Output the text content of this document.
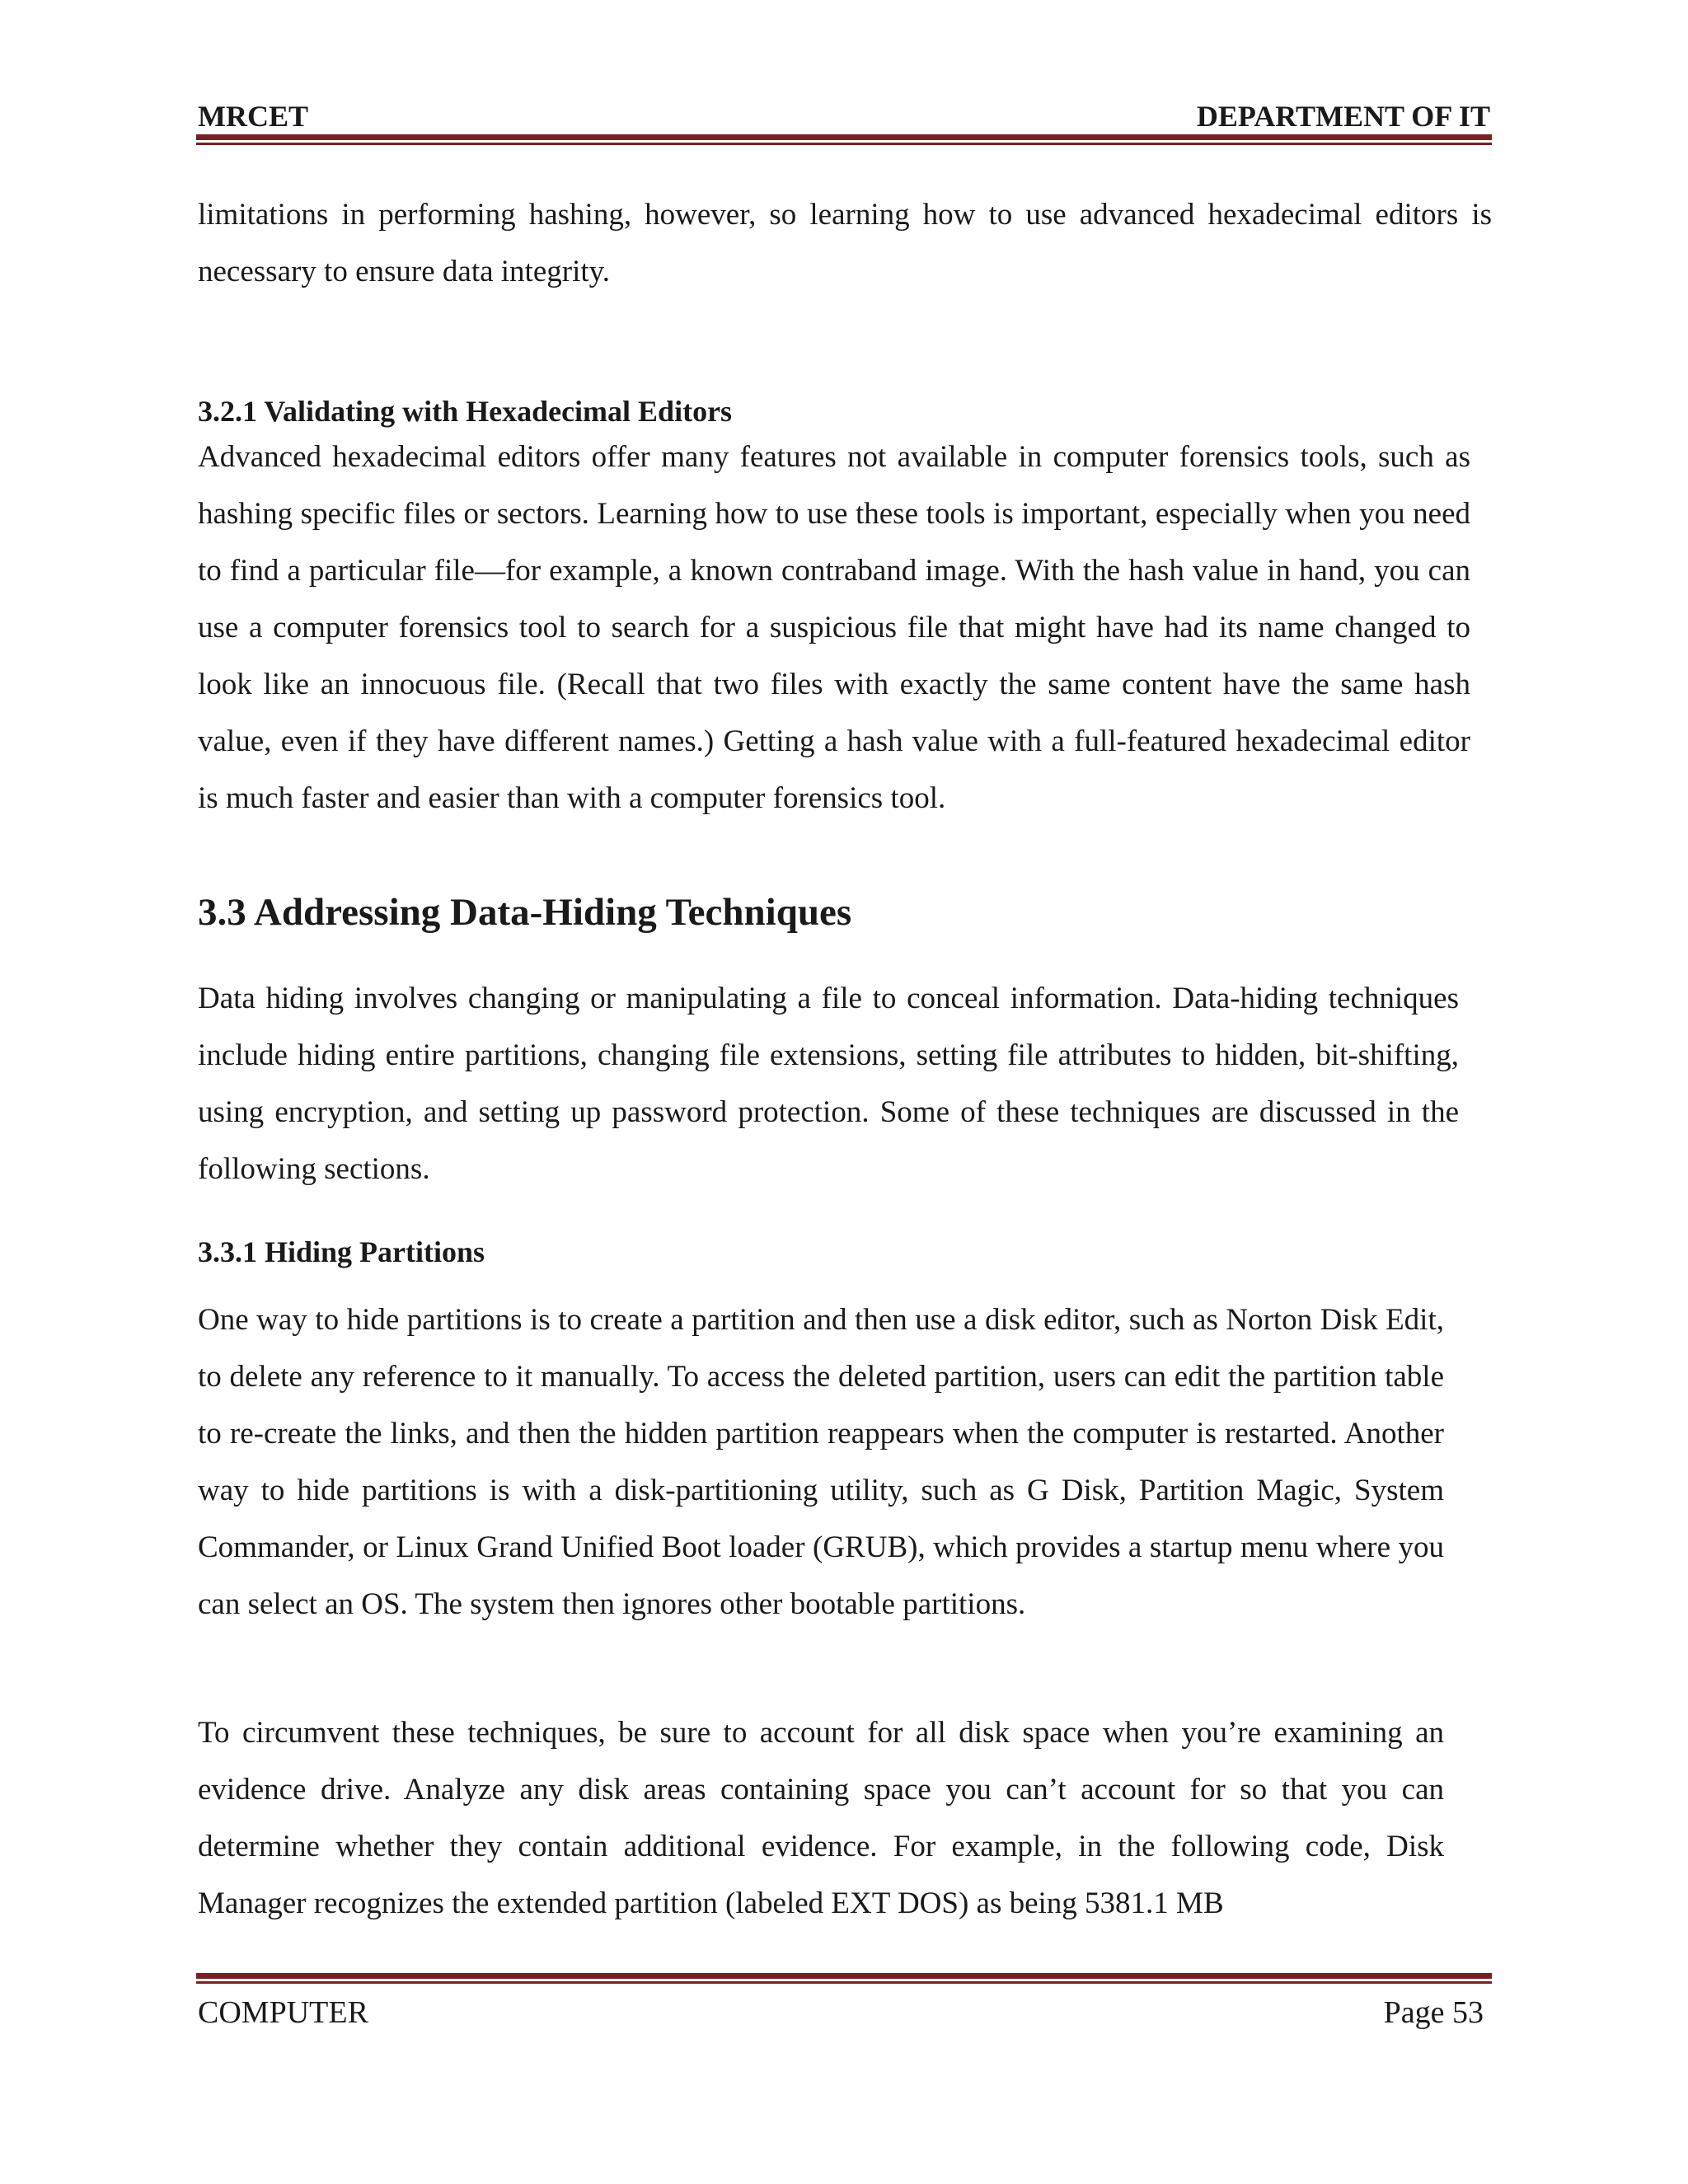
MRCET	DEPARTMENT OF IT
limitations in performing hashing, however, so learning how to use advanced hexadecimal editors is necessary to ensure data integrity.
3.2.1 Validating with Hexadecimal Editors
Advanced hexadecimal editors offer many features not available in computer forensics tools, such as hashing specific files or sectors. Learning how to use these tools is important, especially when you need to find a particular file—for example, a known contraband image. With the hash value in hand, you can use a computer forensics tool to search for a suspicious file that might have had its name changed to look like an innocuous file. (Recall that two files with exactly the same content have the same hash value, even if they have different names.) Getting a hash value with a full-featured hexadecimal editor is much faster and easier than with a computer forensics tool.
3.3 Addressing Data-Hiding Techniques
Data hiding involves changing or manipulating a file to conceal information. Data-hiding techniques include hiding entire partitions, changing file extensions, setting file attributes to hidden, bit-shifting, using encryption, and setting up password protection. Some of these techniques are discussed in the following sections.
3.3.1 Hiding Partitions
One way to hide partitions is to create a partition and then use a disk editor, such as Norton Disk Edit, to delete any reference to it manually. To access the deleted partition, users can edit the partition table to re-create the links, and then the hidden partition reappears when the computer is restarted. Another way to hide partitions is with a disk-partitioning utility, such as G Disk, Partition Magic, System Commander, or Linux Grand Unified Boot loader (GRUB), which provides a startup menu where you can select an OS. The system then ignores other bootable partitions.
To circumvent these techniques, be sure to account for all disk space when you’re examining an evidence drive. Analyze any disk areas containing space you can’t account for so that you can determine whether they contain additional evidence. For example, in the following code, Disk Manager recognizes the extended partition (labeled EXT DOS) as being 5381.1 MB
COMPUTER	Page 53
